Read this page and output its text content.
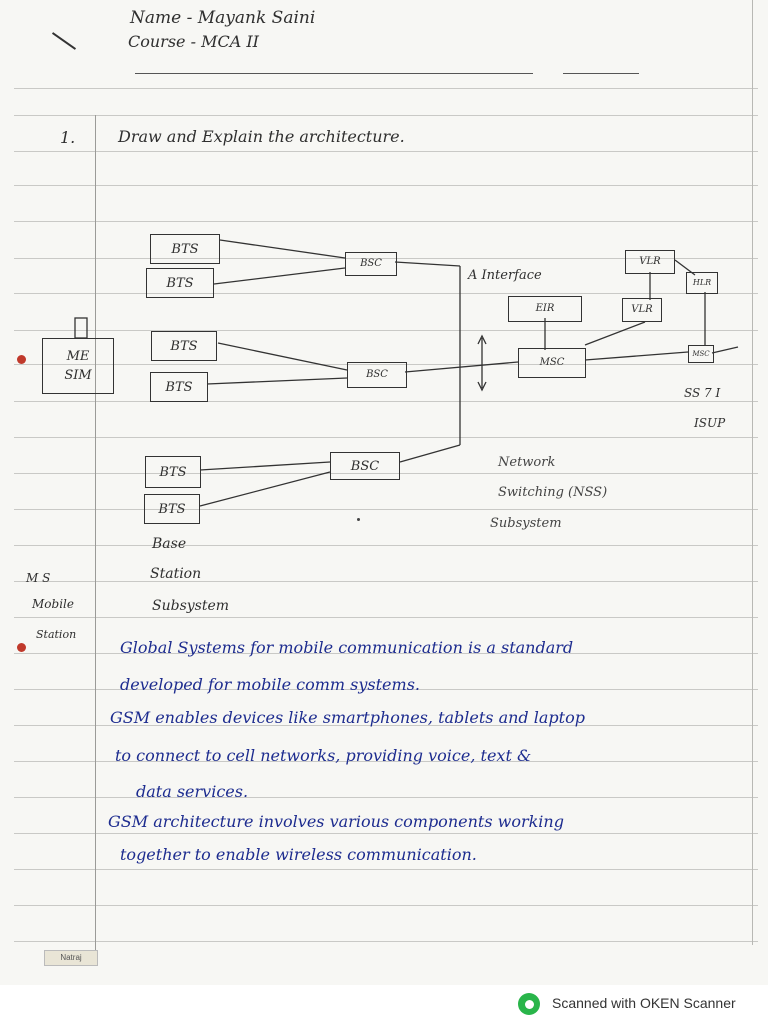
Name - Mayank Saini
Course - MCA II
1.	Draw and Explain the architecture.
BTS
BTS
BTS
BTS
BTS
BTS
BSC
BSC
BSC
MSC
EIR
VLR
VLR
HLR
MSC
ME
SIM
A Interface
SS 7 I
ISUP
Network
Switching (NSS)
Subsystem
Base
Station
Subsystem
M S
Mobile
Station
Global Systems for mobile communication is a standard
developed for mobile comm systems.
GSM enables devices like smartphones, tablets and laptop
to connect to cell networks, providing voice, text &
data services.
GSM architecture involves various components working
together to enable wireless communication.
Natraj
Scanned with OKEN Scanner
